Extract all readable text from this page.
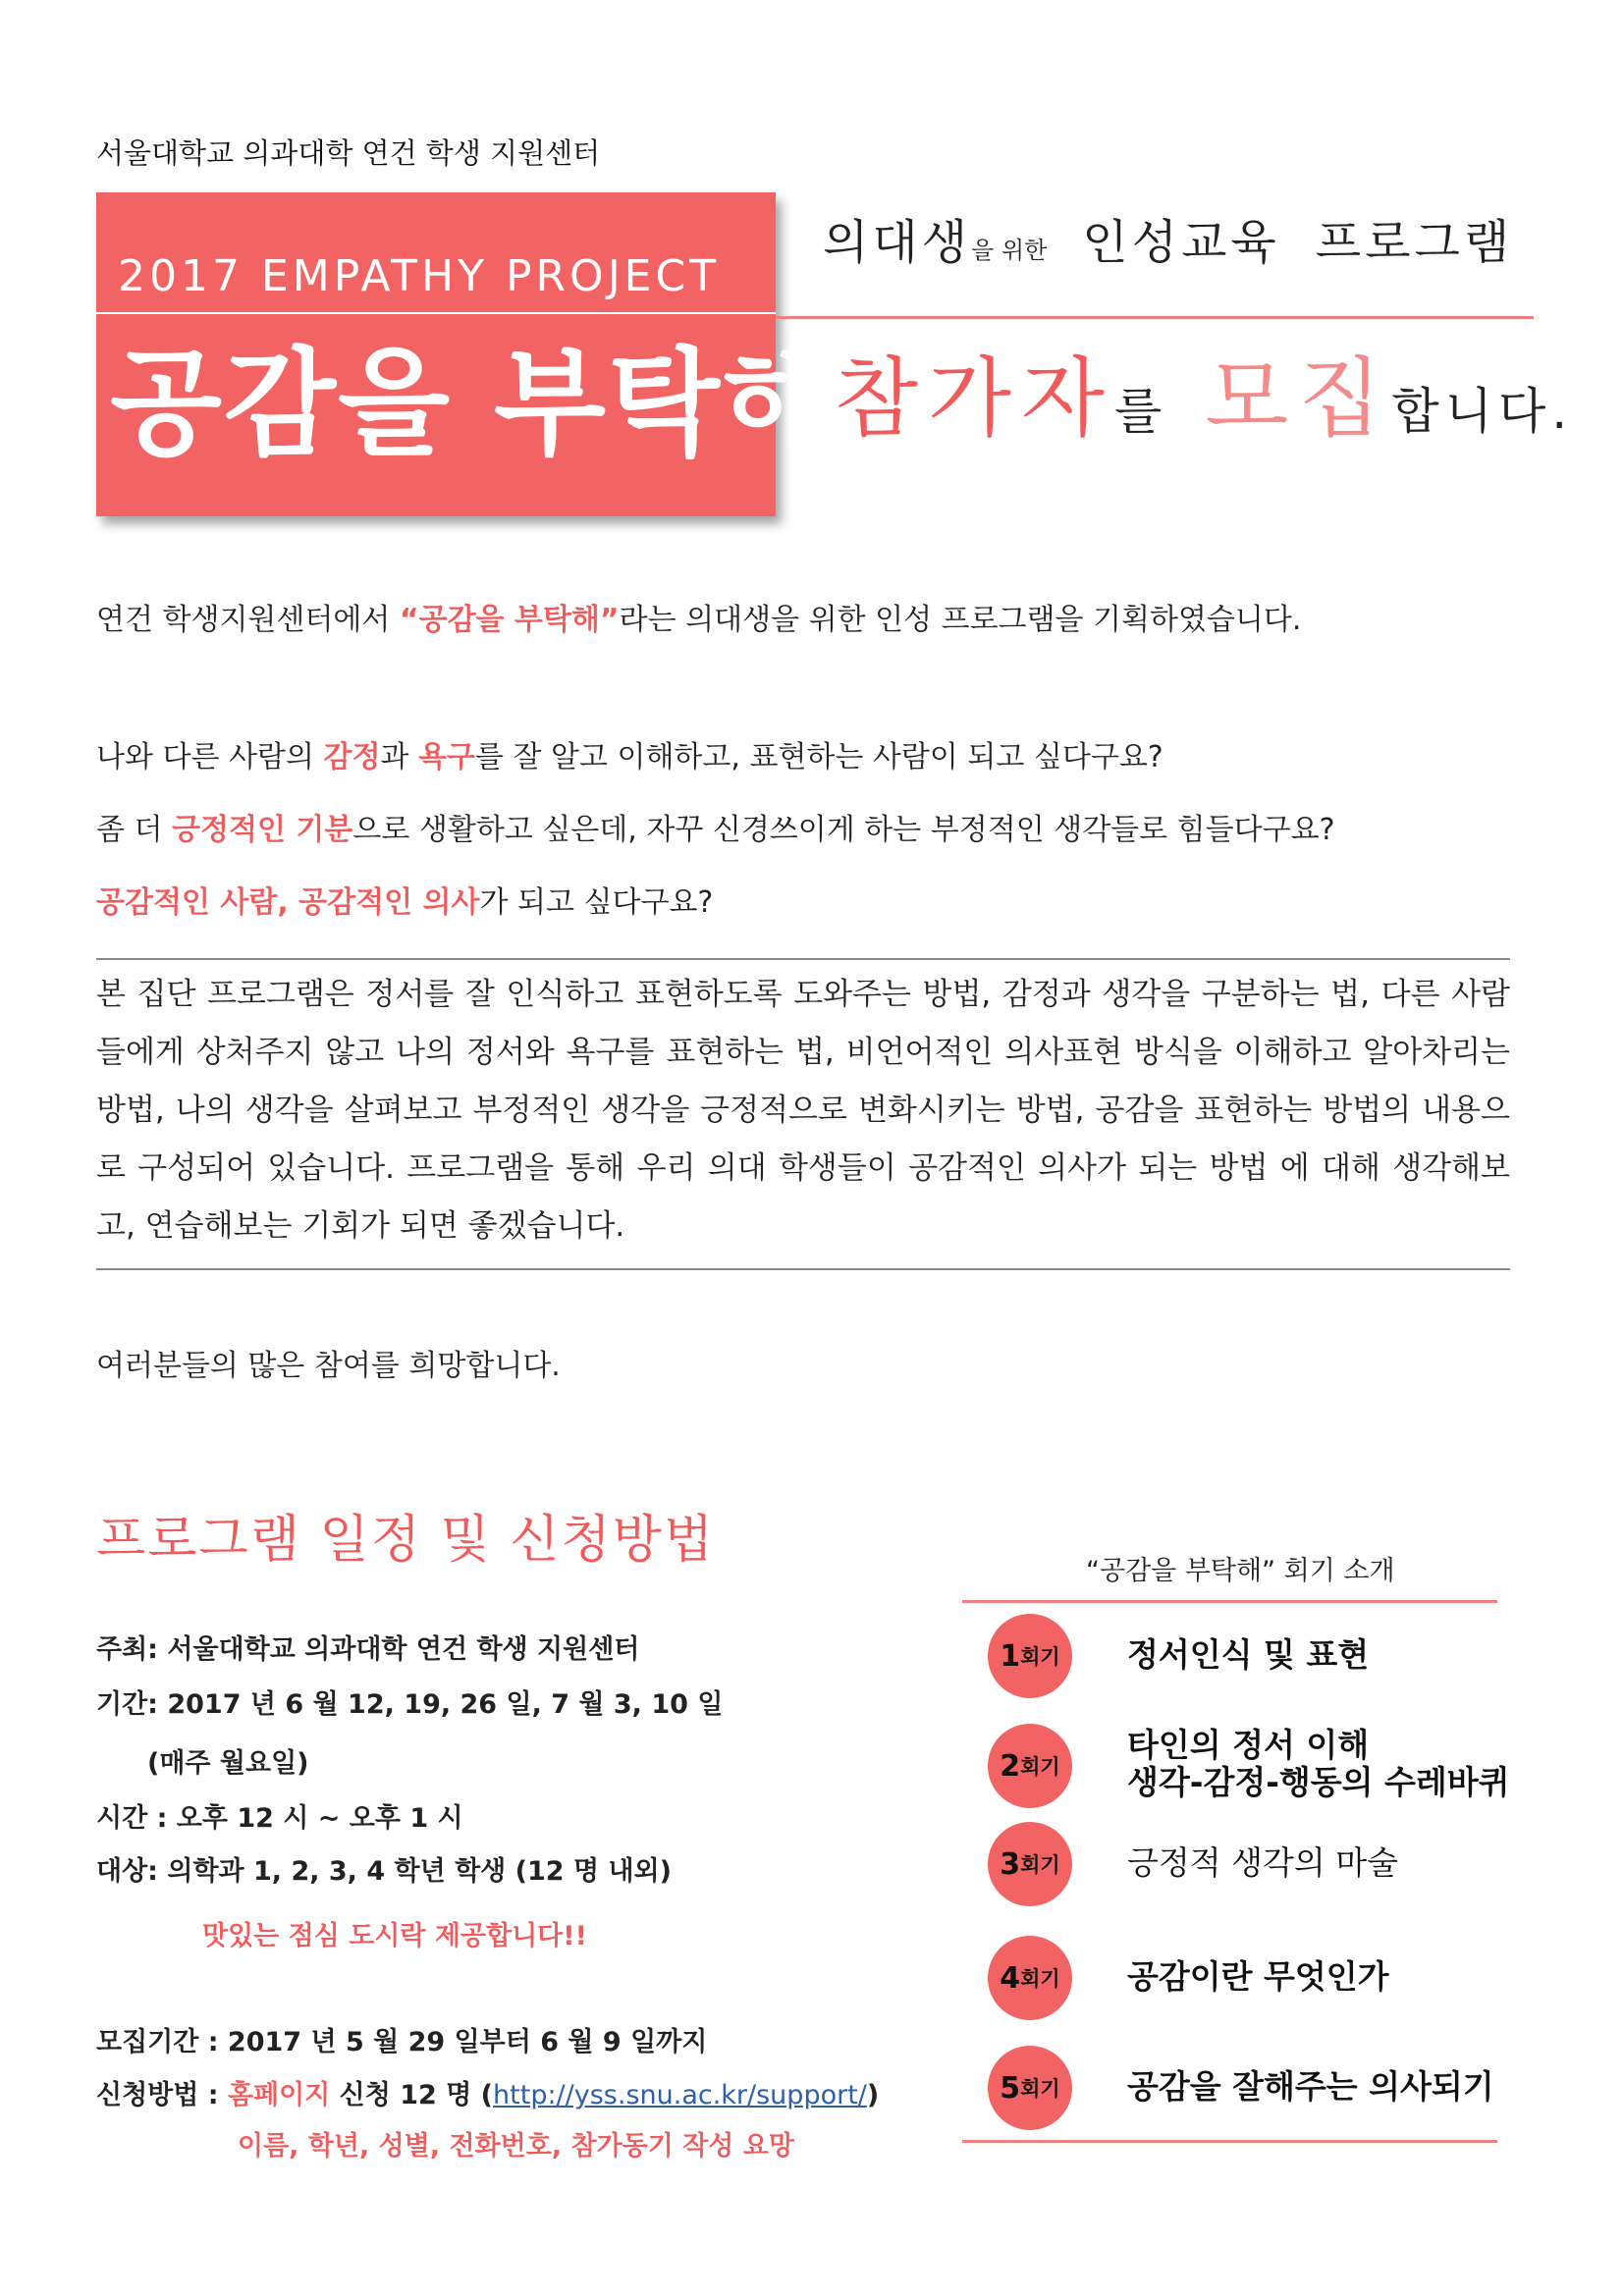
서울대학교 의과대학 연건 학생 지원센터
2017 EMPATHY PROJECT
공감을 부탁해
의대생을 위한 인성교육 프로그램
참가자를 모집합니다.
연건 학생지원센터에서 “공감을 부탁해”라는 의대생을 위한 인성 프로그램을 기획하였습니다.
나와 다른 사람의 감정과 욕구를 잘 알고 이해하고, 표현하는 사람이 되고 싶다구요?
좀 더 긍정적인 기분으로 생활하고 싶은데, 자꾸 신경쓰이게 하는 부정적인 생각들로 힘들다구요?
공감적인 사람, 공감적인 의사가 되고 싶다구요?
본 집단 프로그램은 정서를 잘 인식하고 표현하도록 도와주는 방법, 감정과 생각을 구분하는 법, 다른 사람들에게 상처주지 않고 나의 정서와 욕구를 표현하는 법, 비언어적인 의사표현 방식을 이해하고 알아차리는 방법, 나의 생각을 살펴보고 부정적인 생각을 긍정적으로 변화시키는 방법, 공감을 표현하는 방법의 내용으로 구성되어 있습니다. 프로그램을 통해 우리 의대 학생들이 공감적인 의사가 되는 방법 에 대해 생각해보고, 연습해보는 기회가 되면 좋겠습니다.
여러분들의 많은 참여를 희망합니다.
프로그램 일정 및 신청방법
주최: 서울대학교 의과대학 연건 학생 지원센터
기간: 2017 년 6 월 12, 19, 26 일, 7 월 3, 10 일
(매주 월요일)
시간 : 오후 12 시 ~ 오후 1 시
대상: 의학과 1, 2, 3, 4 학년 학생 (12 명 내외)
맛있는 점심 도시락 제공합니다!!
모집기간 : 2017 년 5 월 29 일부터 6 월 9 일까지
신청방법 : 홈페이지 신청 12 명 (http://yss.snu.ac.kr/support/)
이름, 학년, 성별, 전화번호, 참가동기 작성 요망
“공감을 부탁해” 회기 소개
1 회기 정서인식 및 표현
2 회기
타인의 정서 이해
생각-감정-행동의 수레바퀴
3 회기 긍정적 생각의 마술
4 회기 공감이란 무엇인가
5 회기 공감을 잘해주는 의사되기
